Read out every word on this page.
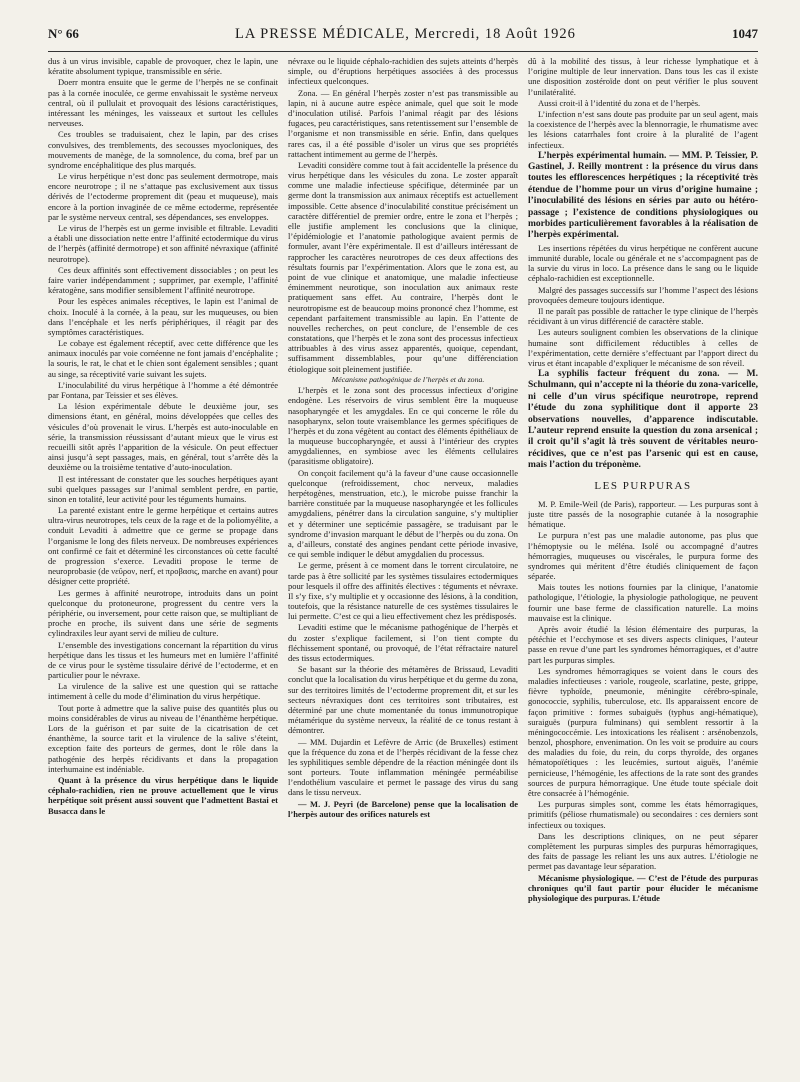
N° 66	LA PRESSE MÉDICALE, Mercredi, 18 Août 1926	1047

dus à un virus invisible, capable de provoquer, chez le lapin, une kératite absolument typique, transmissible en série.

Doerr montra ensuite que le germe de l’herpès ne se confinait pas à la cornée inoculée, ce germe envahissait le système nerveux central, où il pullulait et provoquait des lésions caractéristiques, intéressant les méninges, les vaisseaux et surtout les cellules nerveuses.

Ces troubles se traduisaient, chez le lapin, par des crises convulsives, des tremblements, des secousses myocloniques, des mouvements de manège, de la somnolence, du coma, bref par un syndrome encéphalitique des plus marqués.

Le virus herpétique n’est donc pas seulement dermotrope, mais encore neurotrope ; il ne s’attaque pas exclusivement aux tissus dérivés de l’ectoderme proprement dit (peau et muqueuse), mais encore à la portion invaginée de ce même ectoderme, représentée par le système nerveux central, ses dépendances, ses enveloppes.

Le virus de l’herpès est un germe invisible et filtrable. Levaditi a établi une dissociation nette entre l’affinité ectodermique du virus de l’herpès (affinité dermotrope) et son affinité névraxique (affinité neurotrope).

Ces deux affinités sont effectivement dissociables ; on peut les faire varier indépendamment ; supprimer, par exemple, l’affinité kératogène, sans modifier sensiblement l’affinité neurotrope.

Pour les espèces animales réceptives, le lapin est l’animal de choix. Inoculé à la cornée, à la peau, sur les muqueuses, ou bien dans l’encéphale et les nerfs périphériques, il réagit par des symptômes caractéristiques.

Le cobaye est également réceptif, avec cette différence que les animaux inoculés par voie cornéenne ne font jamais d’encéphalite ; la souris, le rat, le chat et le chien sont également sensibles ; quant au singe, sa réceptivité varie suivant les sujets.

L’inoculabilité du virus herpétique à l’homme a été démontrée par Fontana, par Teissier et ses élèves.

La lésion expérimentale débute le deuxième jour, ses dimensions étant, en général, moins développées que celles des vésicules d’où provenait le virus. L’herpès est auto-inoculable en série, la transmission réussissant d’autant mieux que le virus est recueilli sitôt après l’apparition de la vésicule. On peut effectuer ainsi jusqu’à sept passages, mais, en général, tout s’arrête dès la deuxième ou la troisième tentative d’auto-inoculation.

Il est intéressant de constater que les souches herpétiques ayant subi quelques passages sur l’animal semblent perdre, en partie, sinon en totalité, leur activité pour les téguments humains.

La parenté existant entre le germe herpétique et certains autres ultra-virus neurotropes, tels ceux de la rage et de la poliomyélite, a conduit Levaditi à admettre que ce germe se propage dans l’organisme le long des filets nerveux. De nombreuses expériences ont confirmé ce fait et déterminé les circonstances où cette faculté de progression s’exerce. Levaditi propose le terme de neuroprobasie (de νεῦρον, nerf, et προβασις, marche en avant) pour désigner cette propriété.

Les germes à affinité neurotrope, introduits dans un point quelconque du protoneurone, progressent du centre vers la périphérie, ou inversement, pour cette raison que, se multipliant de proche en proche, ils suivent dans une série de segments cylindraxiles leur ayant servi de milieu de culture.

L’ensemble des investigations concernant la répartition du virus herpétique dans les tissus et les humeurs met en lumière l’affinité de ce virus pour le système tissulaire dérivé de l’ectoderme, et en particulier pour le névraxe.

La virulence de la salive est une question qui se rattache intimement à celle du mode d’élimination du virus herpétique.

Tout porte à admettre que la salive puise des quantités plus ou moins considérables de virus au niveau de l’énanthème herpétique. Lors de la guérison et par suite de la cicatrisation de cet énanthème, la source tarit et la virulence de la salive s’éteint, exception faite des porteurs de germes, dont le rôle dans la pathogénie des herpès récidivants et dans la propagation interhumaine est indéniable.

Quant à la présence du virus herpétique dans le liquide céphalo-rachidien, rien ne prouve actuellement que le virus herpétique soit présent aussi souvent que l’admettent Bastai et Busacca dans le

névraxe ou le liquide céphalo-rachidien des sujets atteints d’herpès simple, ou d’éruptions herpétiques associées à des processus infectieux quelconques.

Zona. — En général l’herpès zoster n’est pas transmissible au lapin, ni à aucune autre espèce animale, quel que soit le mode d’inoculation utilisé. Parfois l’animal réagit par des lésions fugaces, peu caractéristiques, sans retentissement sur l’ensemble de l’organisme et non transmissible en série. Enfin, dans quelques rares cas, il a été possible d’isoler un virus que ses propriétés rattachent intimement au germe de l’herpès.

Levaditi considère comme tout à fait accidentelle la présence du virus herpétique dans les vésicules du zona. Le zoster apparaît comme une maladie infectieuse spécifique, déterminée par un germe dont la transmission aux animaux réceptifs est actuellement impossible. Cette absence d’inoculabilité constitue précisément un caractère différentiel de premier ordre, entre le zona et l’herpès ; elle justifie amplement les conclusions que la clinique, l’épidémiologie et l’anatomie pathologique avaient permis de formuler, avant l’ère expérimentale. Il est d’ailleurs intéressant de rapprocher les caractères neurotropes de ces deux affections des résultats fournis par l’expérimentation. Alors que le zona est, au point de vue clinique et anatomique, une maladie infectieuse éminemment neurotique, son inoculation aux animaux reste pratiquement sans effet. Au contraire, l’herpès dont le neurotropisme est de beaucoup moins prononcé chez l’homme, est cependant parfaitement transmissible au lapin. En l’attente de nouvelles recherches, on peut conclure, de l’ensemble de ces constatations, que l’herpès et le zona sont des processus infectieux attribuables à des virus assez apparentés, quoique, cependant, suffisamment dissemblables, pour qu’une différenciation étiologique soit pleinement justifiée.

Mécanisme pathogénique de l’herpès et du zona.

L’herpès et le zona sont des processus infectieux d’origine endogène. Les réservoirs de virus semblent être la muqueuse nasopharyngée et les amygdales. En ce qui concerne le rôle du nasopharynx, selon toute vraisemblance les germes spécifiques de l’herpès et du zona végètent au contact des éléments épithéliaux de la muqueuse buccopharyngée, et aussi à l’intérieur des cryptes amygdaliennes, en symbiose avec les éléments cellulaires (parasitisme obligatoire).

On conçoit facilement qu’à la faveur d’une cause occasionnelle quelconque (refroidissement, choc nerveux, maladies herpétogènes, menstruation, etc.), le microbe puisse franchir la barrière constituée par la muqueuse nasopharyngée et les follicules amygdaliens, pénétrer dans la circulation sanguine, s’y multiplier et y déterminer une septicémie passagère, se traduisant par le syndrome d’invasion marquant le début de l’herpès ou du zona. On a, d’ailleurs, constaté des angines pendant cette période invasive, ce qui semble indiquer le début amygdalien du processus.

Le germe, présent à ce moment dans le torrent circulatoire, ne tarde pas à être sollicité par les systèmes tissulaires ectodermiques pour lesquels il offre des affinités électives : téguments et névraxe. Il s’y fixe, s’y multiplie et y occasionne des lésions, à la condition, toutefois, que la résistance naturelle de ces systèmes tissulaires le lui permette. C’est ce qui a lieu effectivement chez les prédisposés.

Levaditi estime que le mécanisme pathogénique de l’herpès et du zoster s’explique facilement, si l’on tient compte du fléchissement spontané, ou provoqué, de l’état réfractaire naturel des tissus ectodermiques.

Se basant sur la théorie des métamères de Brissaud, Levaditi conclut que la localisation du virus herpétique et du germe du zona, sur des territoires limités de l’ectoderme proprement dit, et sur les secteurs névraxiques dont ces territoires sont tributaires, est déterminé par une chute momentanée du tonus immunotropique métamérique du système nerveux, la réalité de ce tonus restant à démontrer.

— MM. Dujardin et Lefèvre de Arric (de Bruxelles) estiment que la fréquence du zona et de l’herpès récidivant de la fesse chez les syphilitiques semble dépendre de la réaction méningée dont ils sont porteurs. Toute inflammation méningée perméabilise l’endothélium vasculaire et permet le passage des virus du sang dans le tissu nerveux.

— M. J. Peyri (de Barcelone) pense que la localisation de l’herpès autour des orifices naturels est

dû à la mobilité des tissus, à leur richesse lymphatique et à l’origine multiple de leur innervation. Dans tous les cas il existe une disposition zostéroïde dont on peut vérifier le plus souvent l’unilatéralité.

Aussi croit-il à l’identité du zona et de l’herpès.

L’infection n’est sans doute pas produite par un seul agent, mais la coexistence de l’herpès avec la blennorragie, le rhumatisme avec les lésions catarrhales font croire à la pluralité de l’agent infectieux.

L’herpès expérimental humain. — MM. P. Teissier, P. Gastinel, J. Reilly montrent : la présence du virus dans toutes les efflorescences herpétiques ; la réceptivité très étendue de l’homme pour un virus d’origine humaine ; l’inoculabilité des lésions en séries par auto ou hétéro-passage ; l’existence de conditions physiologiques ou morbides particulièrement favorables à la réalisation de l’herpès expérimental.

Les insertions répétées du virus herpétique ne confèrent aucune immunité durable, locale ou générale et ne s’accompagnent pas de la survie du virus in loco. La présence dans le sang ou le liquide céphalo-rachidien est exceptionnelle.

Malgré des passages successifs sur l’homme l’aspect des lésions provoquées demeure toujours identique.

Il ne paraît pas possible de rattacher le type clinique de l’herpès récidivant à un virus différencié de caractère stable.

Les auteurs soulignent combien les observations de la clinique humaine sont difficilement réductibles à celles de l’expérimentation, cette dernière s’effectuant par l’apport direct du virus et étant incapable d’expliquer le mécanisme de son réveil.

La syphilis facteur fréquent du zona. — M. Schulmann, qui n’accepte ni la théorie du zona-varicelle, ni celle d’un virus spécifique neurotrope, reprend l’étude du zona syphilitique dont il apporte 23 observations nouvelles, d’apparence indiscutable. L’auteur reprend ensuite la question du zona arsenical ; il croit qu’il s’agit là très souvent de véritables neuro-récidives, que ce n’est pas l’arsenic qui est en cause, mais l’action du tréponème.

LES PURPURAS

M. P. Emile-Weil (de Paris), rapporteur. — Les purpuras sont à juste titre passés de la nosographie cutanée à la nosographie hématique.

Le purpura n’est pas une maladie autonome, pas plus que l’hémoptysie ou le méléna. Isolé ou accompagné d’autres hémorragies, muqueuses ou viscérales, le purpura forme des syndromes qui méritent d’être étudiés cliniquement de façon séparée.

Mais toutes les notions fournies par la clinique, l’anatomie pathologique, l’étiologie, la physiologie pathologique, ne peuvent fournir une base ferme de classification naturelle. La moins mauvaise est la clinique.

Après avoir étudié la lésion élémentaire des purpuras, la pétéchie et l’ecchymose et ses divers aspects cliniques, l’auteur passe en revue d’une part les syndromes hémorragiques, et d’autre part les purpuras simples.

Les syndromes hémorragiques se voient dans le cours des maladies infectieuses : variole, rougeole, scarlatine, peste, grippe, fièvre typhoïde, pneumonie, méningite cérébro-spinale, gonococcie, syphilis, tuberculose, etc. Ils apparaissent encore de façon primitive : formes subaiguës (typhus angi-hématique), suraiguës (purpura fulminans) qui semblent ressortir à la méningococcémie. Les intoxications les réalisent : arsénobenzols, benzol, phosphore, envenimation. On les voit se produire au cours des maladies du foie, du rein, du corps thyroïde, des organes hématopoïétiques : les leucémies, surtout aiguës, l’anémie pernicieuse, l’hémogénie, les affections de la rate sont des grandes sources de purpura hémorragique. Une étude toute spéciale doit être consacrée à l’hémogénie.

Les purpuras simples sont, comme les états hémorragiques, primitifs (péliose rhumatismale) ou secondaires : ces derniers sont infectieux ou toxiques.

Dans les descriptions cliniques, on ne peut séparer complètement les purpuras simples des purpuras hémorragiques, des faits de passage les reliant les uns aux autres. L’étiologie ne permet pas davantage leur séparation.

Mécanisme physiologique. — C’est de l’étude des purpuras chroniques qu’il faut partir pour élucider le mécanisme physiologique des purpuras. L’étude
